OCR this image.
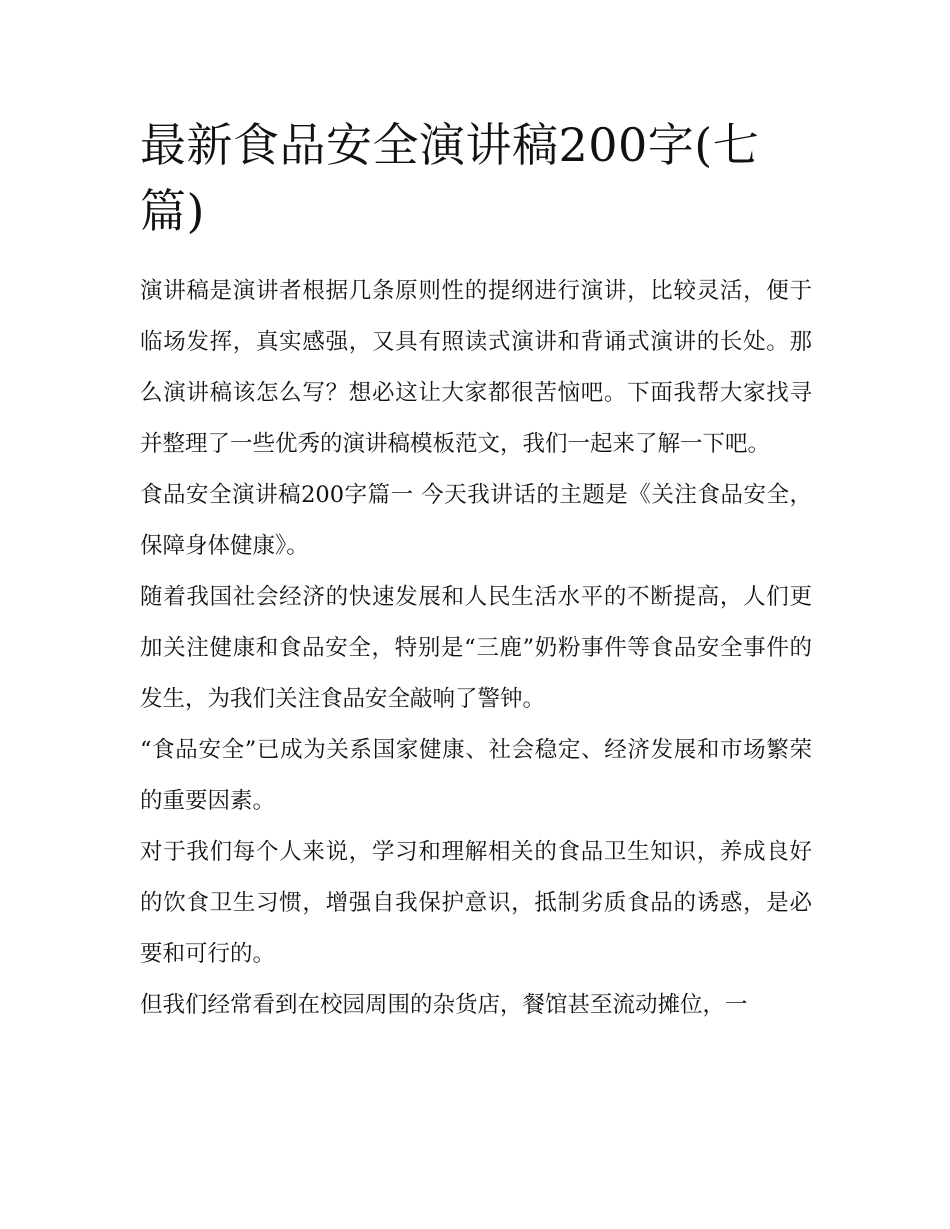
最新食品安全演讲稿200字(七篇)

演讲稿是演讲者根据几条原则性的提纲进行演讲，比较灵活，便于临场发挥，真实感强，又具有照读式演讲和背诵式演讲的长处。那么演讲稿该怎么写？想必这让大家都很苦恼吧。下面我帮大家找寻并整理了一些优秀的演讲稿模板范文，我们一起来了解一下吧。

食品安全演讲稿200字篇一 今天我讲话的主题是《关注食品安全，保障身体健康》。

随着我国社会经济的快速发展和人民生活水平的不断提高，人们更加关注健康和食品安全，特别是“三鹿”奶粉事件等食品安全事件的发生，为我们关注食品安全敲响了警钟。

“食品安全”已成为关系国家健康、社会稳定、经济发展和市场繁荣的重要因素。

对于我们每个人来说，学习和理解相关的食品卫生知识，养成良好的饮食卫生习惯，增强自我保护意识，抵制劣质食品的诱惑，是必要和可行的。

但我们经常看到在校园周围的杂货店，餐馆甚至流动摊位，一
